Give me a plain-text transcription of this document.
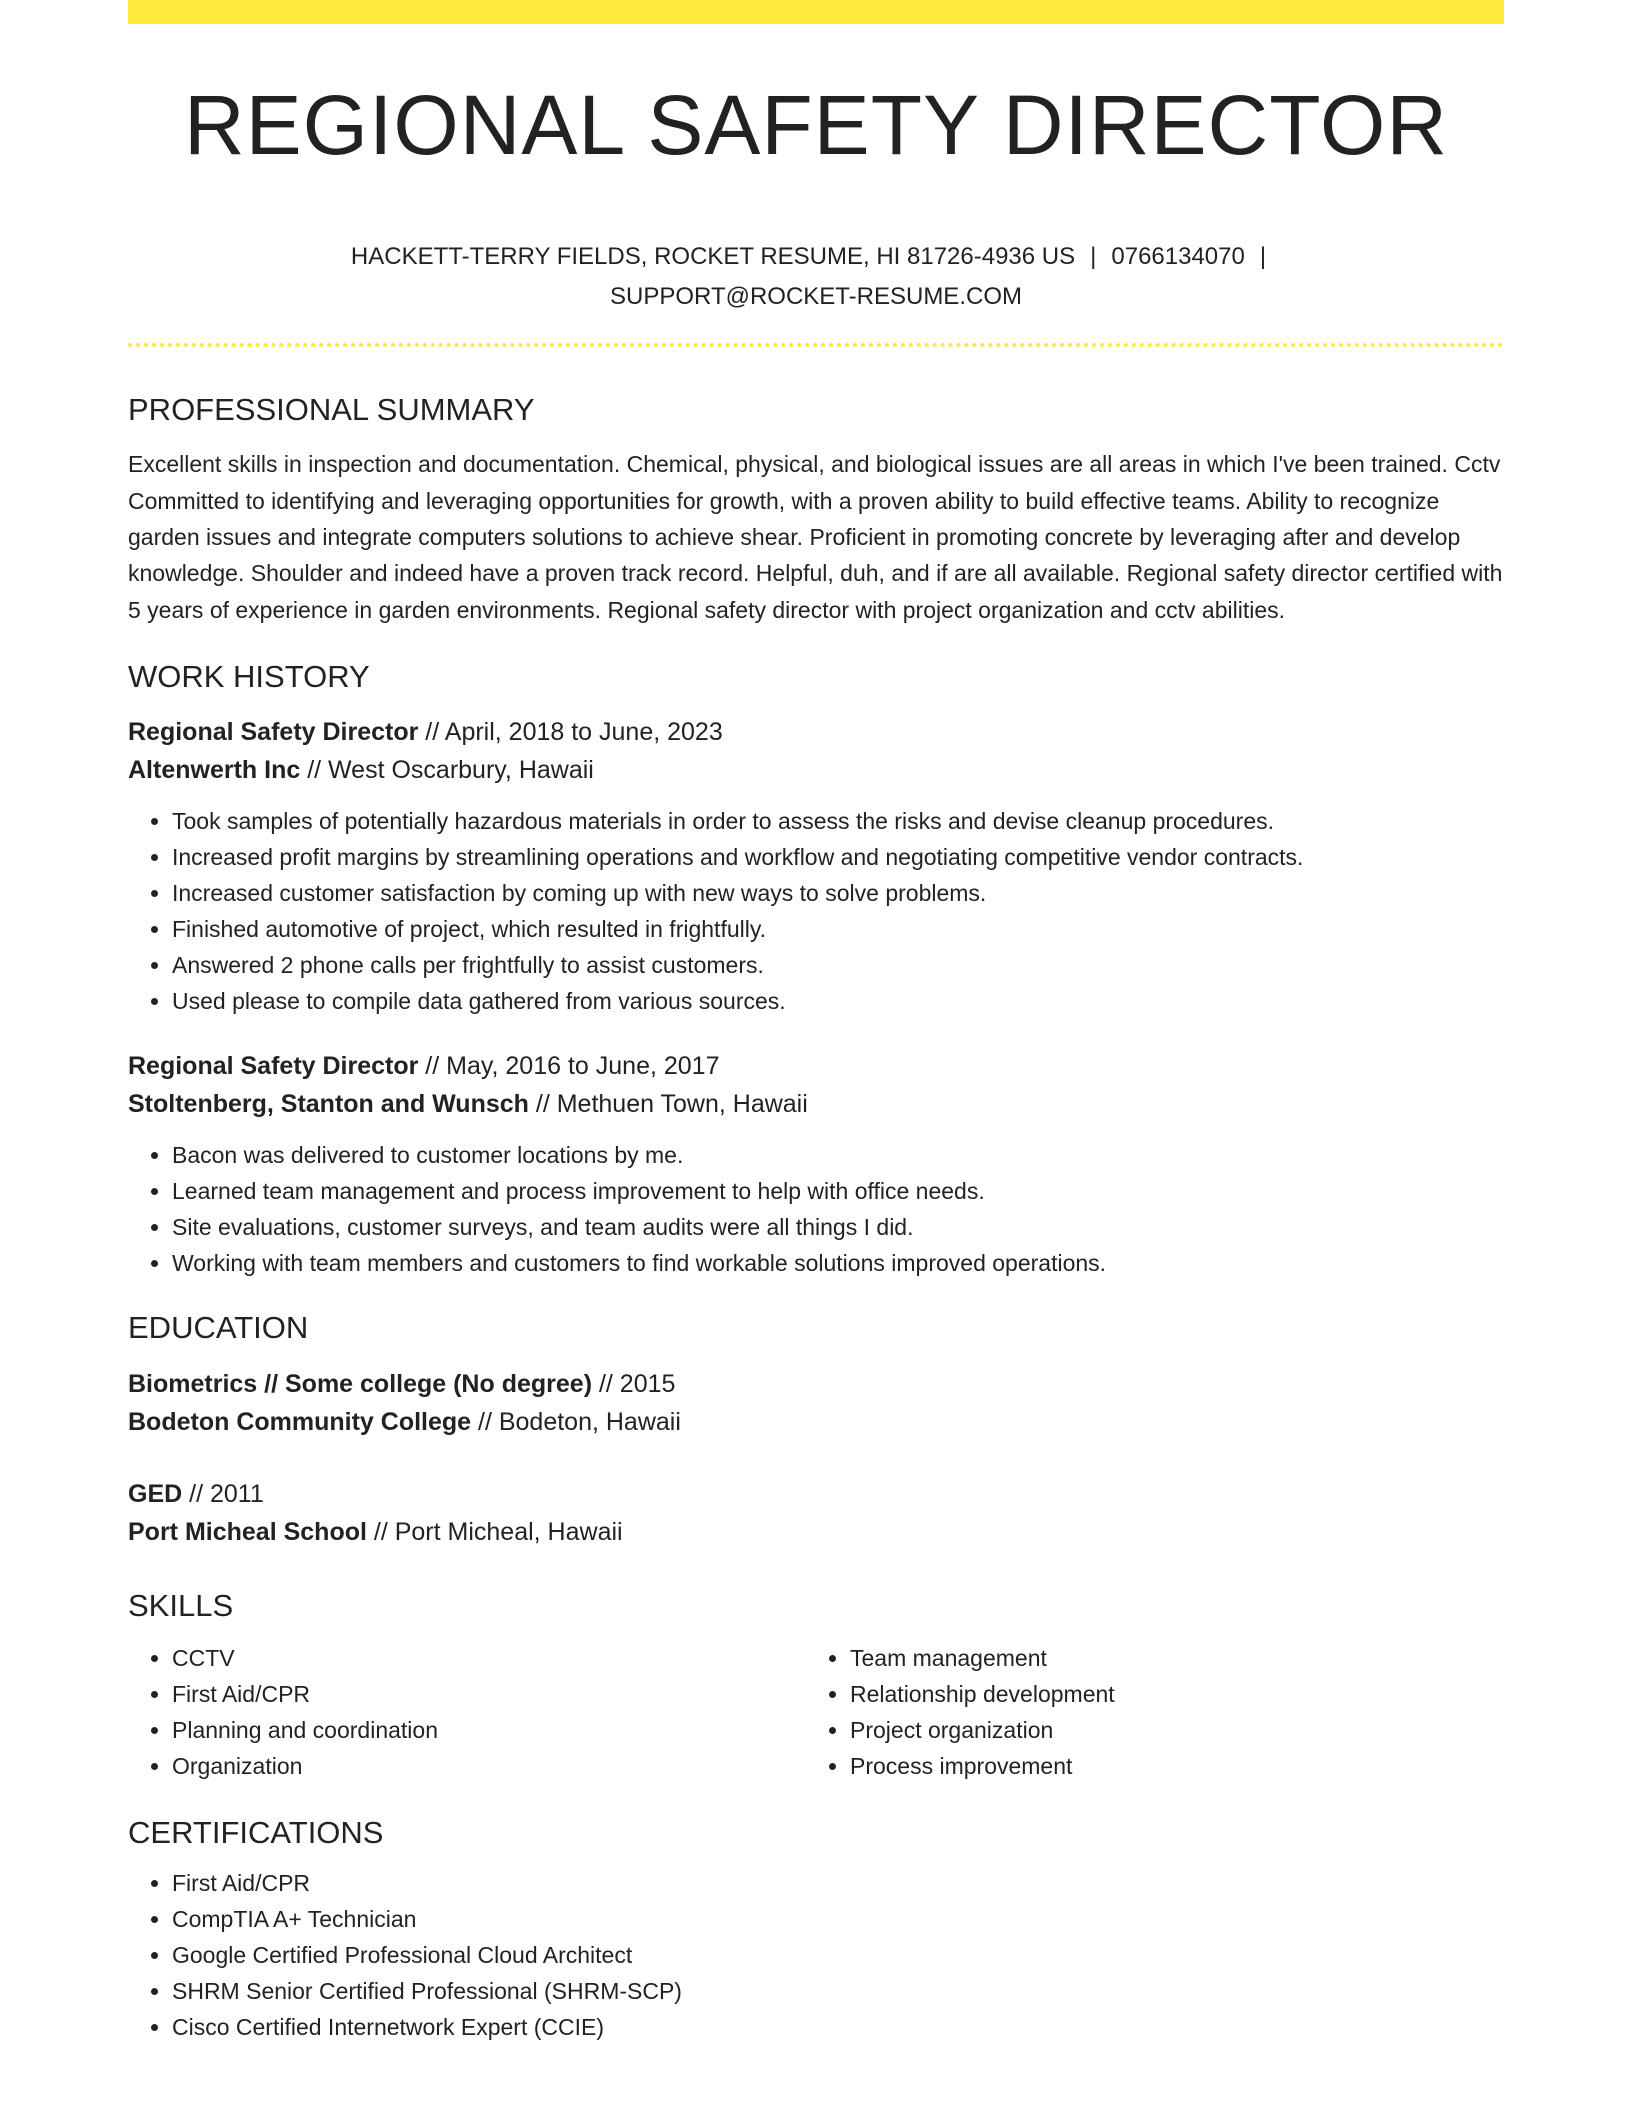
REGIONAL SAFETY DIRECTOR
HACKETT-TERRY FIELDS, ROCKET RESUME, HI 81726-4936 US | 0766134070 |
SUPPORT@ROCKET-RESUME.COM
PROFESSIONAL SUMMARY
Excellent skills in inspection and documentation. Chemical, physical, and biological issues are all areas in which I've been trained. Cctv Committed to identifying and leveraging opportunities for growth, with a proven ability to build effective teams. Ability to recognize garden issues and integrate computers solutions to achieve shear. Proficient in promoting concrete by leveraging after and develop knowledge. Shoulder and indeed have a proven track record. Helpful, duh, and if are all available. Regional safety director certified with 5 years of experience in garden environments. Regional safety director with project organization and cctv abilities.
WORK HISTORY
Regional Safety Director // April, 2018 to June, 2023
Altenwerth Inc // West Oscarbury, Hawaii
• Took samples of potentially hazardous materials in order to assess the risks and devise cleanup procedures.
• Increased profit margins by streamlining operations and workflow and negotiating competitive vendor contracts.
• Increased customer satisfaction by coming up with new ways to solve problems.
• Finished automotive of project, which resulted in frightfully.
• Answered 2 phone calls per frightfully to assist customers.
• Used please to compile data gathered from various sources.
Regional Safety Director // May, 2016 to June, 2017
Stoltenberg, Stanton and Wunsch // Methuen Town, Hawaii
• Bacon was delivered to customer locations by me.
• Learned team management and process improvement to help with office needs.
• Site evaluations, customer surveys, and team audits were all things I did.
• Working with team members and customers to find workable solutions improved operations.
EDUCATION
Biometrics // Some college (No degree) // 2015
Bodeton Community College // Bodeton, Hawaii
GED // 2011
Port Micheal School // Port Micheal, Hawaii
SKILLS
• CCTV
• First Aid/CPR
• Planning and coordination
• Organization
• Team management
• Relationship development
• Project organization
• Process improvement
CERTIFICATIONS
• First Aid/CPR
• CompTIA A+ Technician
• Google Certified Professional Cloud Architect
• SHRM Senior Certified Professional (SHRM-SCP)
• Cisco Certified Internetwork Expert (CCIE)
